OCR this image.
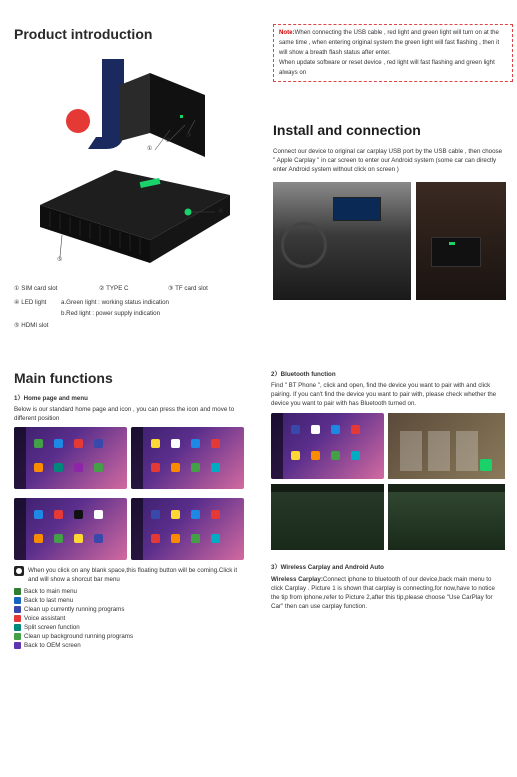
Product introduction
①
②
③
④
⑤
① SIM card slot	② TYPE C	③ TF card slot
④ LED light a.Green light : working status indication
b.Red light : power supply indication
⑤ HDMI slot
Note:When connecting the USB cable , red light and green light will turn on at the same time , when entering original system the green light will fast flashing , then it will show a breath flash status after enter.
When update software or reset device , red light will fast flashing and green light always on
Install and connection
Connect our device to original car carplay USB port by the USB cable , then choose " Apple Carplay " in car screen to enter our Android system (some car can directly enter Android system without click on screen )
Main functions
1）Home page and menu
Below is our standard home page and icon , you can press the icon and move to different position
When you click on any blank space,this floating button will be coming.Click it and will show a shorcut bar menu
Back to main menu
Back to last menu
Clean up currently running programs
Voice assistant
Split screen function
Clean up background running programs
Back to OEM screen
2）Bluetooth function
Find " BT Phone ", click and open, find the device you want to pair with and click pairing. If you can't find the device you want to pair with, please check whether the device you want to pair with has Bluetooth turned on.
3）Wireless Carplay and Android Auto
Wireless Carplay:Connect iphone to bluetooth of our device,back main menu to click Carplay . Picture 1 is shown that carplay is connecting,for now,have to notice the tip from iphone,refer to Picture 2,after this tip,please choose "Use CarPlay for Car" then can use carplay function.
